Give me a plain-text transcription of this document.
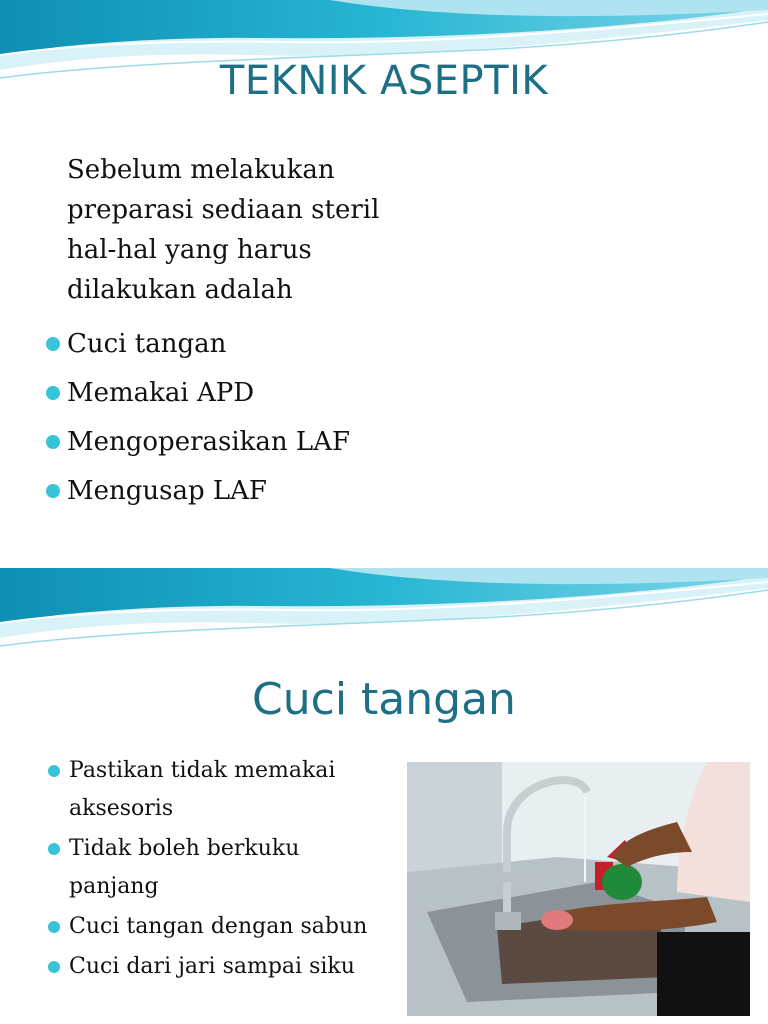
TEKNIK ASEPTIK
Sebelum melakukan
preparasi sediaan steril
hal-hal yang harus
dilakukan adalah
Cuci tangan
Memakai APD
Mengoperasikan LAF
Mengusap LAF
Cuci tangan
Pastikan tidak memakai
aksesoris
Tidak boleh berkuku
panjang
Cuci tangan dengan sabun
Cuci dari jari sampai siku
